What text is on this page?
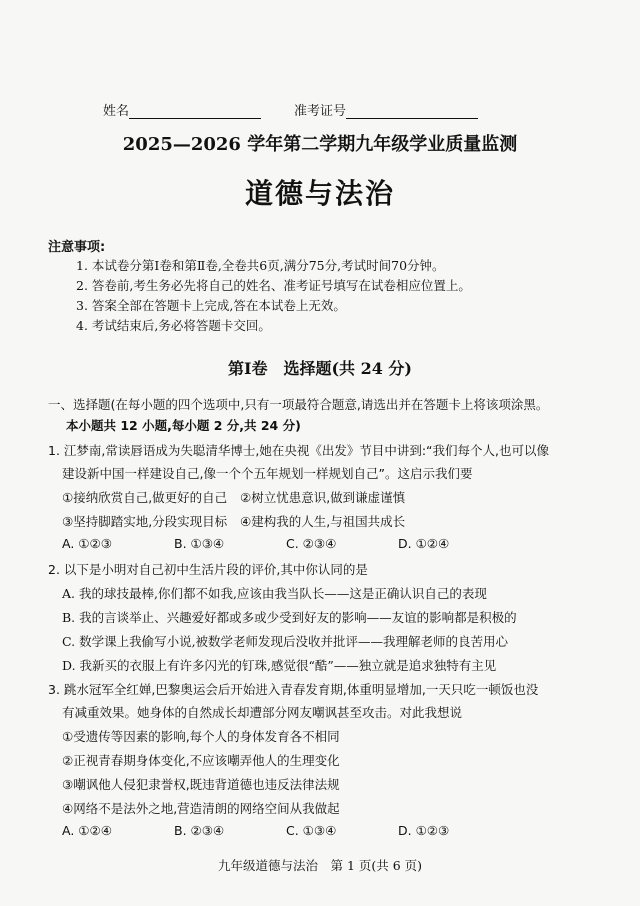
姓名	准考证号
2025—2026 学年第二学期九年级学业质量监测
道德与法治
注意事项:
1. 本试卷分第Ⅰ卷和第Ⅱ卷,全卷共6页,满分75分,考试时间70分钟。
2. 答卷前,考生务必先将自己的姓名、准考证号填写在试卷相应位置上。
3. 答案全部在答题卡上完成,答在本试卷上无效。
4. 考试结束后,务必将答题卡交回。
第Ⅰ卷　选择题(共 24 分)
一、选择题(在每小题的四个选项中,只有一项最符合题意,请选出并在答题卡上将该项涂黑。
本小题共 12 小题,每小题 2 分,共 24 分)
1. 江梦南,常读唇语成为失聪清华博士,她在央视《出发》节目中讲到:“我们每个人,也可以像
建设新中国一样建设自己,像一个个五年规划一样规划自己”。这启示我们要
①接纳欣赏自己,做更好的自己 ②树立忧患意识,做到谦虚谨慎
③坚持脚踏实地,分段实现目标 ④建构我的人生,与祖国共成长
A. ①②③	B. ①③④	C. ②③④	D. ①②④
2. 以下是小明对自己初中生活片段的评价,其中你认同的是
A. 我的球技最棒,你们都不如我,应该由我当队长——这是正确认识自己的表现
B. 我的言谈举止、兴趣爱好都或多或少受到好友的影响——友谊的影响都是积极的
C. 数学课上我偷写小说,被数学老师发现后没收并批评——我理解老师的良苦用心
D. 我新买的衣服上有许多闪光的钉珠,感觉很“酷”——独立就是追求独特有主见
3. 跳水冠军全红婵,巴黎奥运会后开始进入青春发育期,体重明显增加,一天只吃一顿饭也没
有减重效果。她身体的自然成长却遭部分网友嘲讽甚至攻击。对此我想说
①受遗传等因素的影响,每个人的身体发育各不相同
②正视青春期身体变化,不应该嘲弄他人的生理变化
③嘲讽他人侵犯隶誉权,既违背道德也违反法律法规
④网络不是法外之地,营造清朗的网络空间从我做起
A. ①②④	B. ②③④	C. ①③④	D. ①②③
九年级道德与法治　第 1 页(共 6 页)
